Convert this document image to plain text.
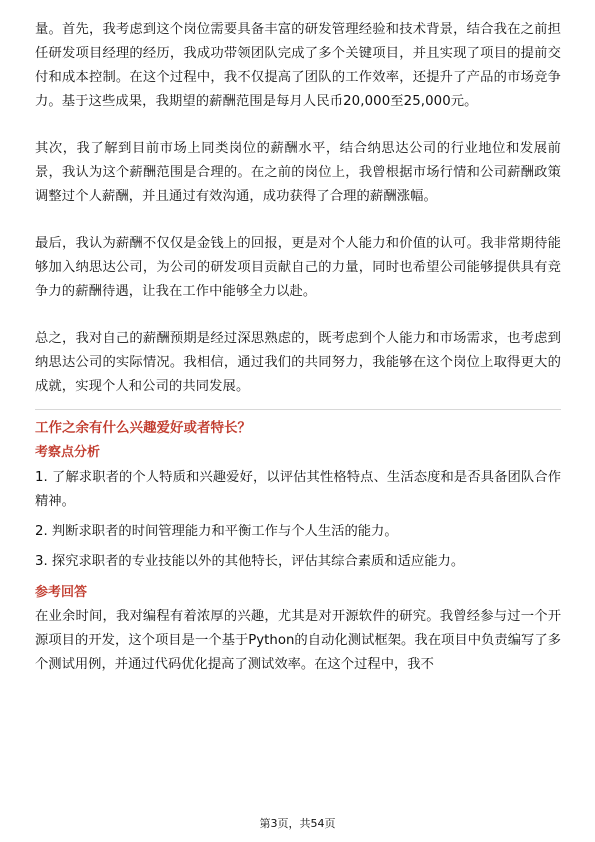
量。首先，我考虑到这个岗位需要具备丰富的研发管理经验和技术背景，结合我在之前担任研发项目经理的经历，我成功带领团队完成了多个关键项目，并且实现了项目的提前交付和成本控制。在这个过程中，我不仅提高了团队的工作效率，还提升了产品的市场竞争力。基于这些成果，我期望的薪酬范围是每月人民币20,000至25,000元。

其次，我了解到目前市场上同类岗位的薪酬水平，结合纳思达公司的行业地位和发展前景，我认为这个薪酬范围是合理的。在之前的岗位上，我曾根据市场行情和公司薪酬政策调整过个人薪酬，并且通过有效沟通，成功获得了合理的薪酬涨幅。

最后，我认为薪酬不仅仅是金钱上的回报，更是对个人能力和价值的认可。我非常期待能够加入纳思达公司，为公司的研发项目贡献自己的力量，同时也希望公司能够提供具有竞争力的薪酬待遇，让我在工作中能够全力以赴。

总之，我对自己的薪酬预期是经过深思熟虑的，既考虑到个人能力和市场需求，也考虑到纳思达公司的实际情况。我相信，通过我们的共同努力，我能够在这个岗位上取得更大的成就，实现个人和公司的共同发展。

工作之余有什么兴趣爱好或者特长？

考察点分析

1. 了解求职者的个人特质和兴趣爱好，以评估其性格特点、生活态度和是否具备团队合作精神。

2. 判断求职者的时间管理能力和平衡工作与个人生活的能力。

3. 探究求职者的专业技能以外的其他特长，评估其综合素质和适应能力。

参考回答

在业余时间，我对编程有着浓厚的兴趣，尤其是对开源软件的研究。我曾经参与过一个开源项目的开发，这个项目是一个基于Python的自动化测试框架。我在项目中负责编写了多个测试用例，并通过代码优化提高了测试效率。在这个过程中，我不

第3页，共54页
